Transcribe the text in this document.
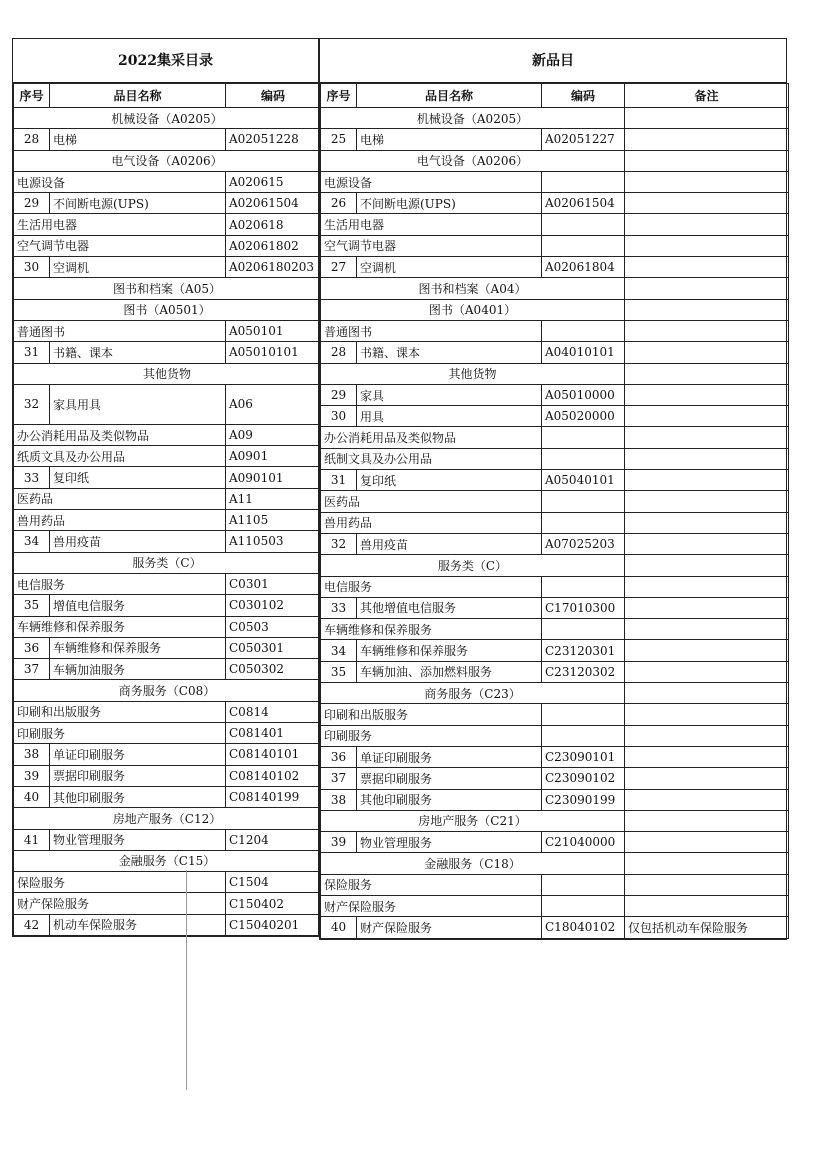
2022集采目录
序号	品目名称	编码
机械设备（A0205）		
28	电梯	A02051228
电气设备（A0206）		
电源设备		A020615
29	不间断电源(UPS)	A02061504
生活用电器		A020618
空气调节电器		A02061802
30	空调机	A0206180203
图书和档案（A05）		
图书（A0501）		
普通图书		A050101
31	书籍、课本	A05010101
其他货物		
32	家具用具	A06
办公消耗用品及类似物品		A09
纸质文具及办公用品		A0901
33	复印纸	A090101
医药品		A11
兽用药品		A1105
34	兽用疫苗	A110503
服务类（C）		
电信服务		C0301
35	增值电信服务	C030102
车辆维修和保养服务		C0503
36	车辆维修和保养服务	C050301
37	车辆加油服务	C050302
商务服务（C08）		
印刷和出版服务		C0814
印刷服务		C081401
38	单证印刷服务	C08140101
39	票据印刷服务	C08140102
40	其他印刷服务	C08140199
房地产服务（C12）		
41	物业管理服务	C1204
金融服务（C15）		
保险服务		C1504
财产保险服务		C150402
42	机动车保险服务	C15040201
新品目
序号	品目名称	编码	备注
机械设备（A0205）			
25	电梯	A02051227	
电气设备（A0206）			
电源设备			
26	不间断电源(UPS)	A02061504	
生活用电器			
空气调节电器			
27	空调机	A02061804	
图书和档案（A04）			
图书（A0401）			
普通图书			
28	书籍、课本	A04010101	
其他货物			
29	家具	A05010000	
30	用具	A05020000	
办公消耗用品及类似物品			
纸制文具及办公用品			
31	复印纸	A05040101	
医药品			
兽用药品			
32	兽用疫苗	A07025203	
服务类（C）			
电信服务			
33	其他增值电信服务	C17010300	
车辆维修和保养服务			
34	车辆维修和保养服务	C23120301	
35	车辆加油、添加燃料服务	C23120302	
商务服务（C23）			
印刷和出版服务			
印刷服务			
36	单证印刷服务	C23090101	
37	票据印刷服务	C23090102	
38	其他印刷服务	C23090199	
房地产服务（C21）			
39	物业管理服务	C21040000	
金融服务（C18）			
保险服务			
财产保险服务			
40	财产保险服务	C18040102	仅包括机动车保险服务
